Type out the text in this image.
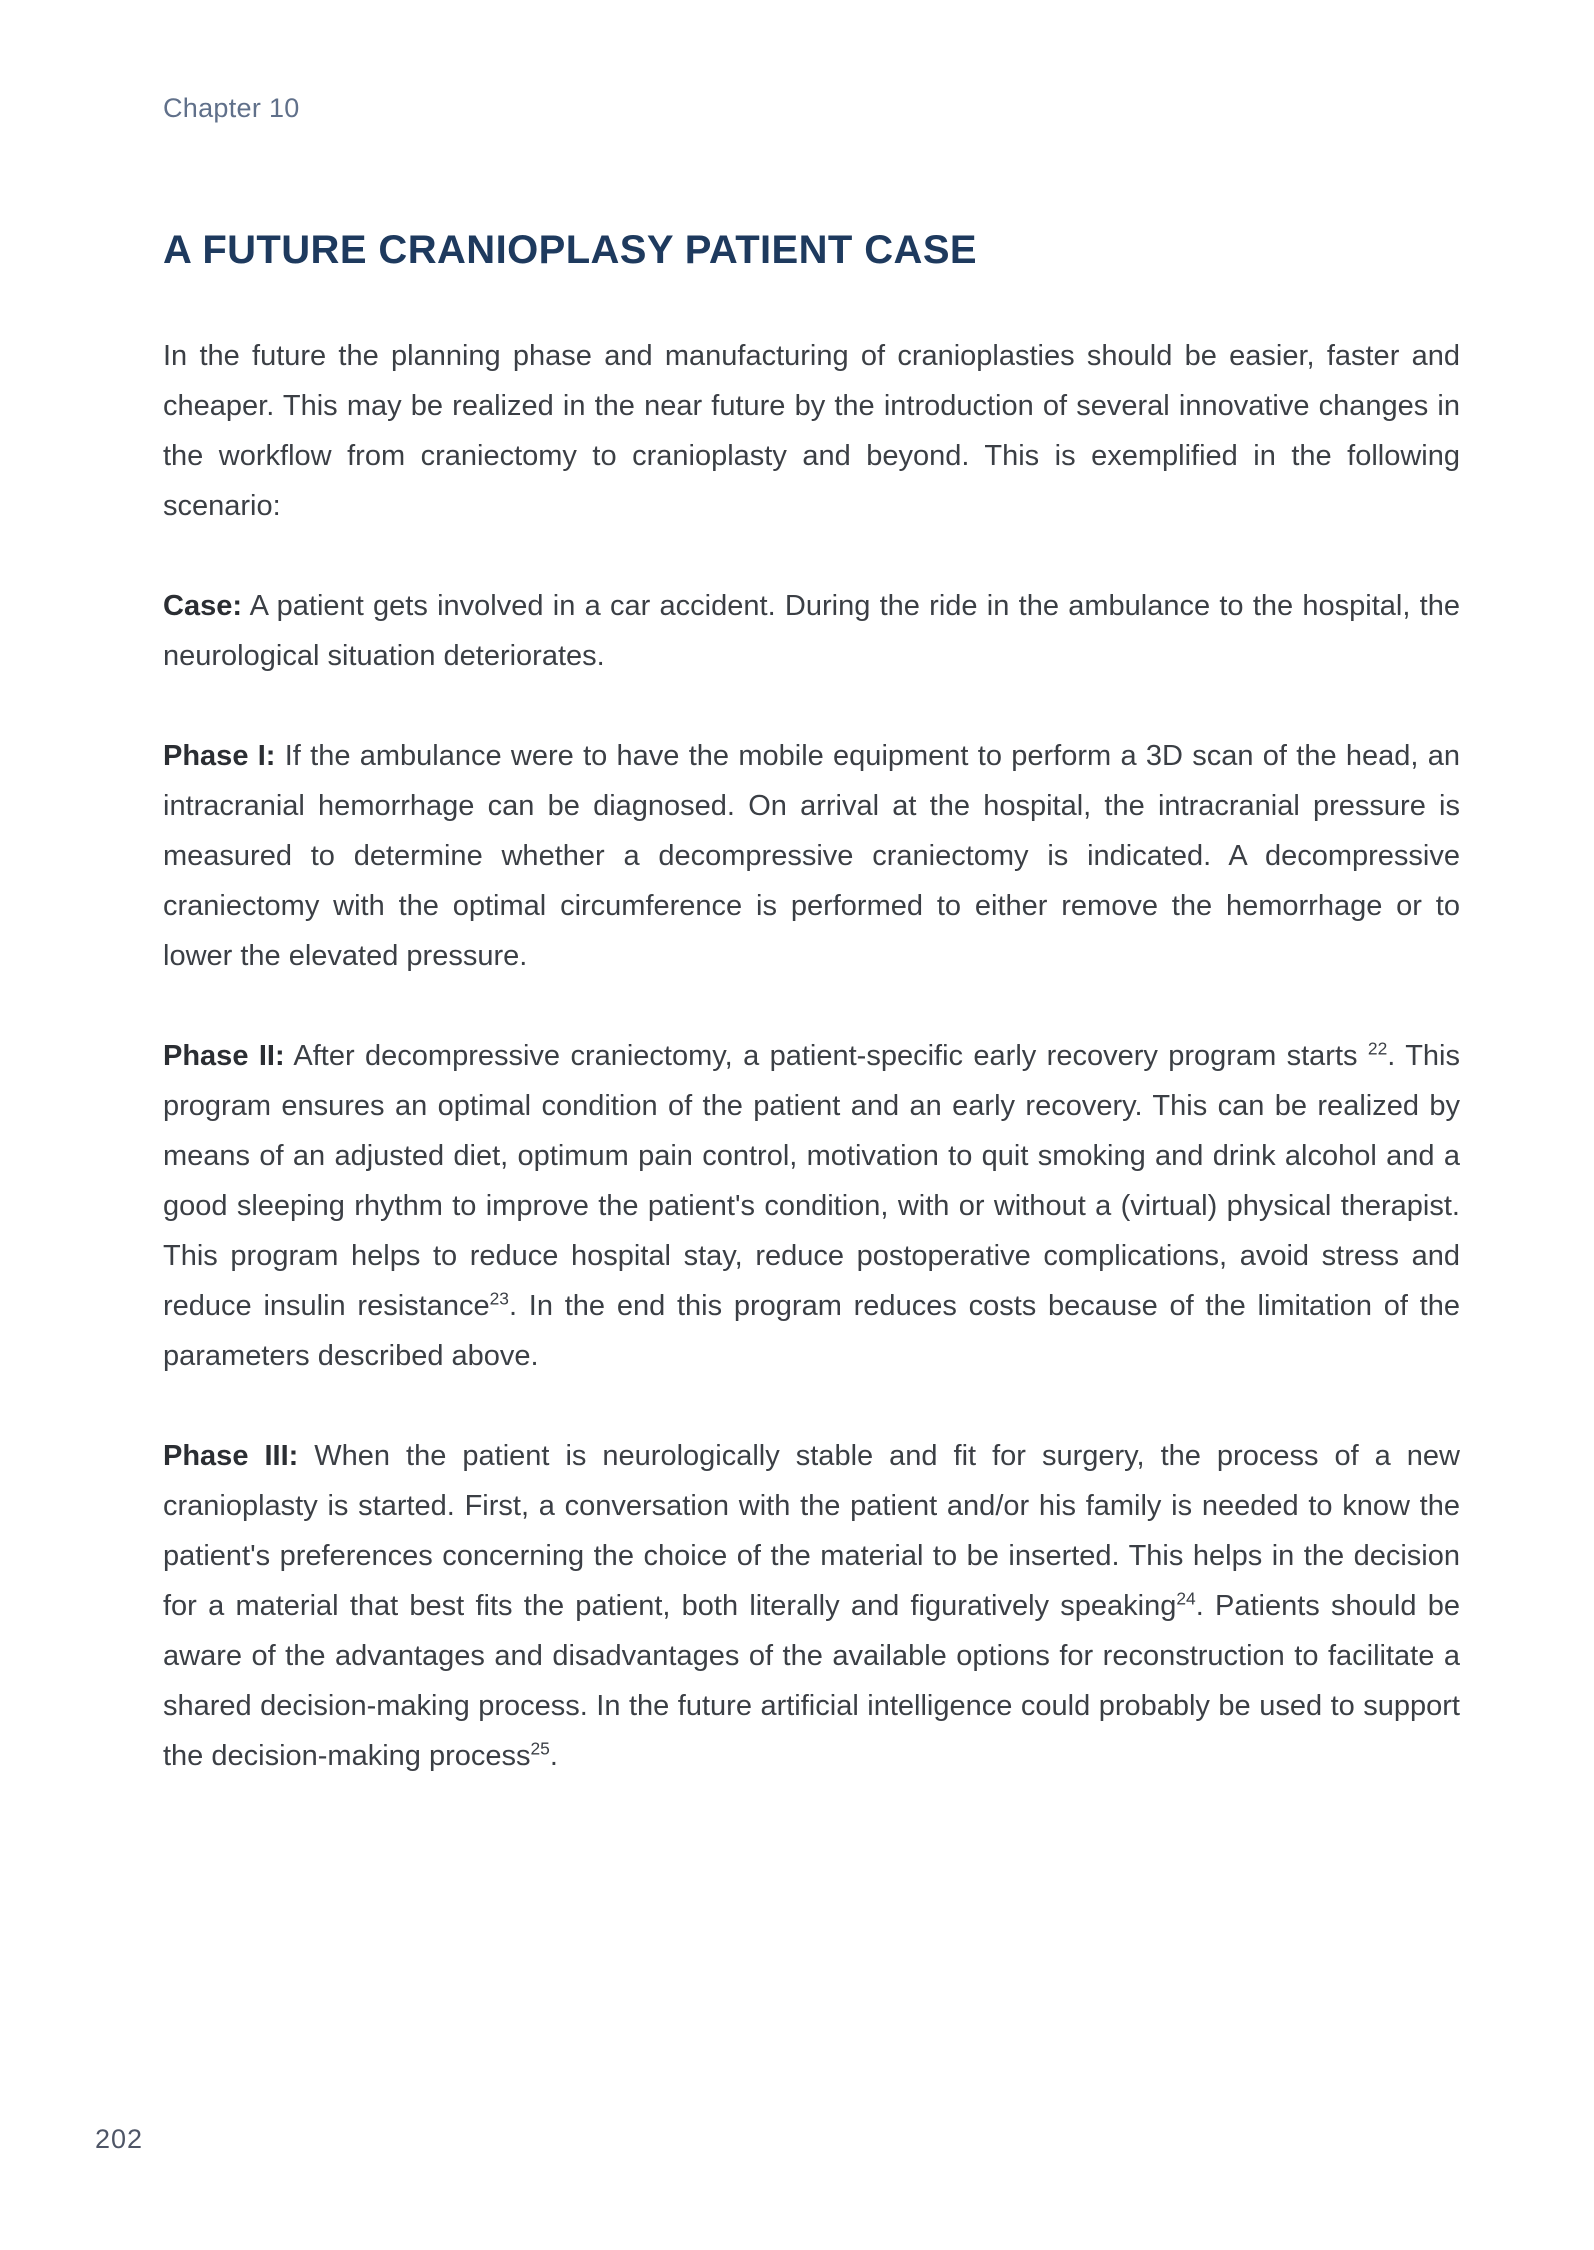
Chapter 10
A FUTURE CRANIOPLASY PATIENT CASE

In the future the planning phase and manufacturing of cranioplasties should be easier, faster and cheaper. This may be realized in the near future by the introduction of several innovative changes in the workflow from craniectomy to cranioplasty and beyond. This is exemplified in the following scenario:

Case: A patient gets involved in a car accident. During the ride in the ambulance to the hospital, the neurological situation deteriorates.

Phase I: If the ambulance were to have the mobile equipment to perform a 3D scan of the head, an intracranial hemorrhage can be diagnosed. On arrival at the hospital, the intracranial pressure is measured to determine whether a decompressive craniectomy is indicated. A decompressive craniectomy with the optimal circumference is performed to either remove the hemorrhage or to lower the elevated pressure.

Phase II: After decompressive craniectomy, a patient-specific early recovery program starts $^{22}$. This program ensures an optimal condition of the patient and an early recovery. This can be realized by means of an adjusted diet, optimum pain control, motivation to quit smoking and drink alcohol and a good sleeping rhythm to improve the patient's condition, with or without a (virtual) physical therapist. This program helps to reduce hospital stay, reduce postoperative complications, avoid stress and reduce insulin resistance$^{23}$. In the end this program reduces costs because of the limitation of the parameters described above.

Phase III: When the patient is neurologically stable and fit for surgery, the process of a new cranioplasty is started. First, a conversation with the patient and/or his family is needed to know the patient's preferences concerning the choice of the material to be inserted. This helps in the decision for a material that best fits the patient, both literally and figuratively speaking$^{24}$. Patients should be aware of the advantages and disadvantages of the available options for reconstruction to facilitate a shared decision-making process. In the future artificial intelligence could probably be used to support the decision-making process$^{25}$.

202
